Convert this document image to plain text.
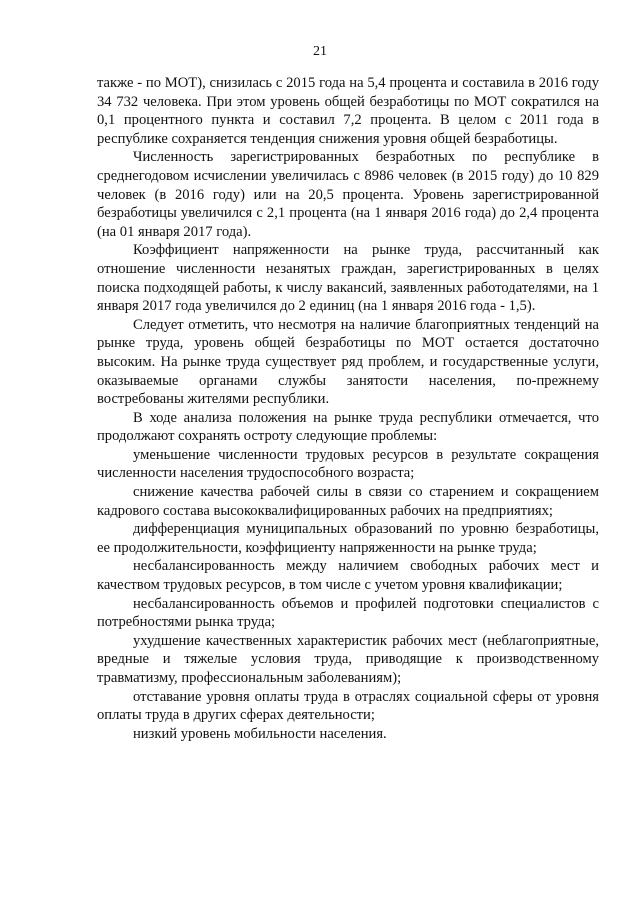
21

также - по МОТ), снизилась с 2015 года на 5,4 процента и составила в 2016 году 34 732 человека. При этом уровень общей безработицы по МОТ сократился на 0,1 процентного пункта и составил 7,2 процента. В целом с 2011 года в республике сохраняется тенденция снижения уровня общей безработицы.

Численность зарегистрированных безработных по республике в среднегодовом исчислении увеличилась с 8986 человек (в 2015 году) до 10 829 человек (в 2016 году) или на 20,5 процента. Уровень зарегистрированной безработицы увеличился с 2,1 процента (на 1 января 2016 года) до 2,4 процента (на 01 января 2017 года).

Коэффициент напряженности на рынке труда, рассчитанный как отношение численности незанятых граждан, зарегистрированных в целях поиска подходящей работы, к числу вакансий, заявленных работодателями, на 1 января 2017 года увеличился до 2 единиц (на 1 января 2016 года - 1,5).

Следует отметить, что несмотря на наличие благоприятных тенденций на рынке труда, уровень общей безработицы по МОТ остается достаточно высоким. На рынке труда существует ряд проблем, и государственные услуги, оказываемые органами службы занятости населения, по-прежнему востребованы жителями республики.

В ходе анализа положения на рынке труда республики отмечается, что продолжают сохранять остроту следующие проблемы:

уменьшение численности трудовых ресурсов в результате сокращения численности населения трудоспособного возраста;

снижение качества рабочей силы в связи со старением и сокращением кадрового состава высококвалифицированных рабочих на предприятиях;

дифференциация муниципальных образований по уровню безработицы, ее продолжительности, коэффициенту напряженности на рынке труда;

несбалансированность между наличием свободных рабочих мест и качеством трудовых ресурсов, в том числе с учетом уровня квалификации;

несбалансированность объемов и профилей подготовки специалистов с потребностями рынка труда;

ухудшение качественных характеристик рабочих мест (неблагоприятные, вредные и тяжелые условия труда, приводящие к производственному травматизму, профессиональным заболеваниям);

отставание уровня оплаты труда в отраслях социальной сферы от уровня оплаты труда в других сферах деятельности;

низкий уровень мобильности населения.
